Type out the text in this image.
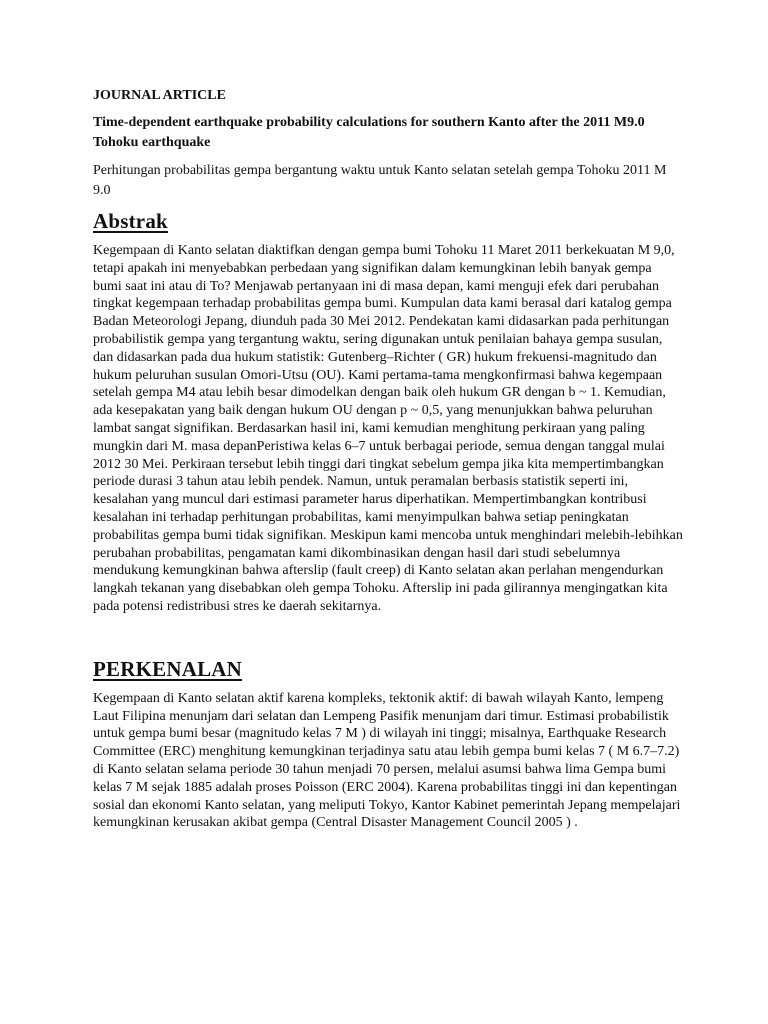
JOURNAL ARTICLE
Time-dependent earthquake probability calculations for southern Kanto after the 2011 M9.0 Tohoku earthquake
Perhitungan probabilitas gempa bergantung waktu untuk Kanto selatan setelah gempa Tohoku 2011 M 9.0
Abstrak

Kegempaan di Kanto selatan diaktifkan dengan gempa bumi Tohoku 11 Maret 2011 berkekuatan M 9,0, tetapi apakah ini menyebabkan perbedaan yang signifikan dalam kemungkinan lebih banyak gempa bumi saat ini atau di To? Menjawab pertanyaan ini di masa depan, kami menguji efek dari perubahan tingkat kegempaan terhadap probabilitas gempa bumi. Kumpulan data kami berasal dari katalog gempa Badan Meteorologi Jepang, diunduh pada 30 Mei 2012. Pendekatan kami didasarkan pada perhitungan probabilistik gempa yang tergantung waktu, sering digunakan untuk penilaian bahaya gempa susulan, dan didasarkan pada dua hukum statistik: Gutenberg–Richter ( GR) hukum frekuensi-magnitudo dan hukum peluruhan susulan Omori-Utsu (OU). Kami pertama-tama mengkonfirmasi bahwa kegempaan setelah gempa M4 atau lebih besar dimodelkan dengan baik oleh hukum GR dengan b ~ 1. Kemudian, ada kesepakatan yang baik dengan hukum OU dengan p ~ 0,5, yang menunjukkan bahwa peluruhan lambat sangat signifikan. Berdasarkan hasil ini, kami kemudian menghitung perkiraan yang paling mungkin dari M. masa depanPeristiwa kelas 6–7 untuk berbagai periode, semua dengan tanggal mulai 2012 30 Mei. Perkiraan tersebut lebih tinggi dari tingkat sebelum gempa jika kita mempertimbangkan periode durasi 3 tahun atau lebih pendek. Namun, untuk peramalan berbasis statistik seperti ini, kesalahan yang muncul dari estimasi parameter harus diperhatikan. Mempertimbangkan kontribusi kesalahan ini terhadap perhitungan probabilitas, kami menyimpulkan bahwa setiap peningkatan probabilitas gempa bumi tidak signifikan. Meskipun kami mencoba untuk menghindari melebih-lebihkan perubahan probabilitas, pengamatan kami dikombinasikan dengan hasil dari studi sebelumnya mendukung kemungkinan bahwa afterslip (fault creep) di Kanto selatan akan perlahan mengendurkan langkah tekanan yang disebabkan oleh gempa Tohoku. Afterslip ini pada gilirannya mengingatkan kita pada potensi redistribusi stres ke daerah sekitarnya.

PERKENALAN

Kegempaan di Kanto selatan aktif karena kompleks, tektonik aktif: di bawah wilayah Kanto, lempeng Laut Filipina menunjam dari selatan dan Lempeng Pasifik menunjam dari timur. Estimasi probabilistik untuk gempa bumi besar (magnitudo kelas 7 M ) di wilayah ini tinggi; misalnya, Earthquake Research Committee (ERC) menghitung kemungkinan terjadinya satu atau lebih gempa bumi kelas 7 ( M 6.7–7.2) di Kanto selatan selama periode 30 tahun menjadi 70 persen, melalui asumsi bahwa lima Gempa bumi kelas 7 M sejak 1885 adalah proses Poisson (ERC 2004). Karena probabilitas tinggi ini dan kepentingan sosial dan ekonomi Kanto selatan, yang meliputi Tokyo, Kantor Kabinet pemerintah Jepang mempelajari kemungkinan kerusakan akibat gempa (Central Disaster Management Council 2005 ) .
